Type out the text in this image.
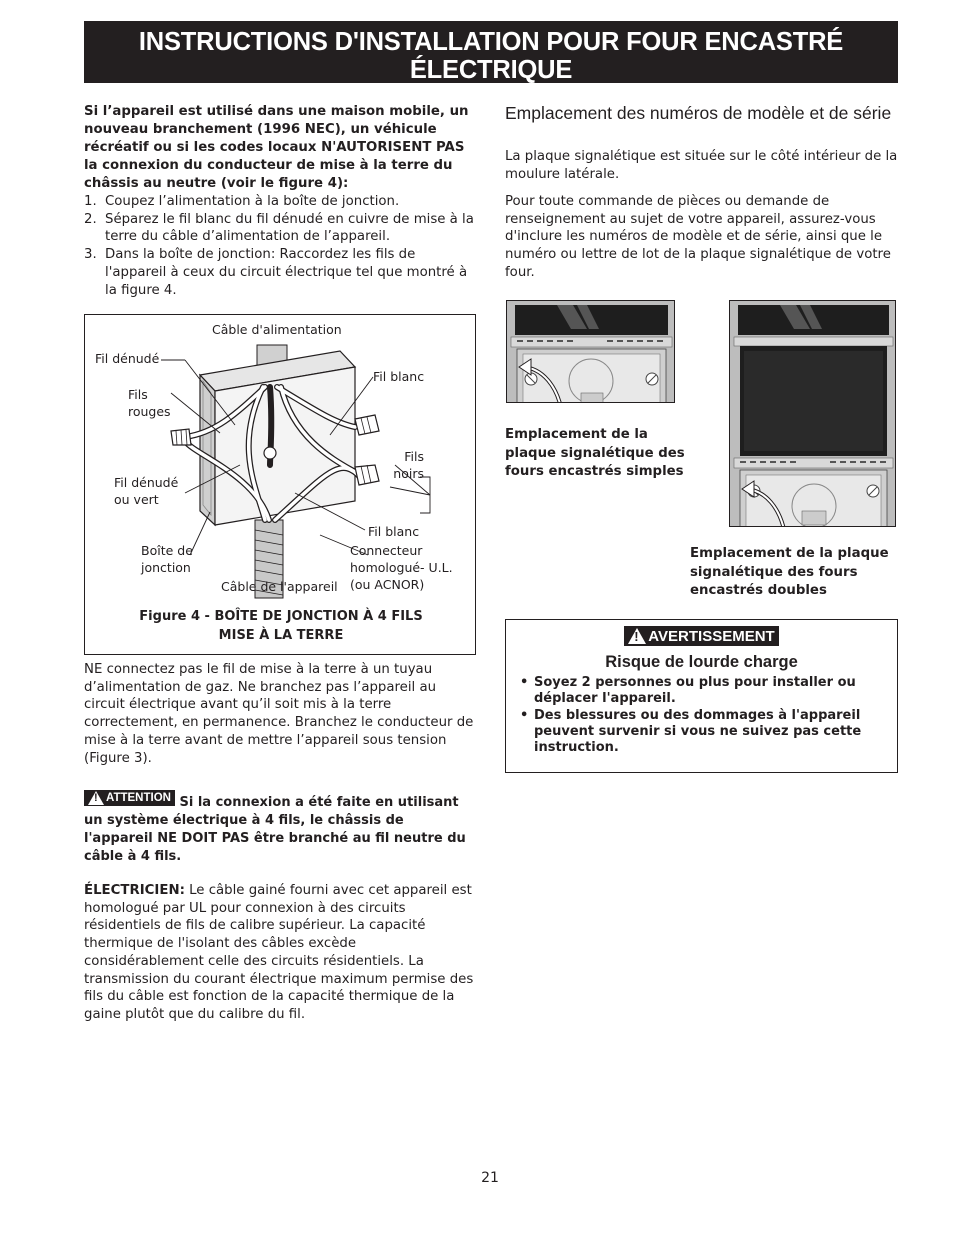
INSTRUCTIONS D'INSTALLATION POUR FOUR ENCASTRÉ ÉLECTRIQUE
(Combiné à une table de cuisson électrique ou à gaz (en option))
Si l’appareil est utilisé dans une maison mobile, un nouveau branchement (1996 NEC), un véhicule récréatif ou si les codes locaux N'AUTORISENT PAS la connexion du conducteur de mise à la terre du châssis au neutre (voir le figure 4):
1. Coupez l’alimentation à la boîte de jonction.
2. Séparez le fil blanc du fil dénudé en cuivre de mise à la terre du câble d’alimentation de l’appareil.
3. Dans la boîte de jonction: Raccordez les fils de l'appareil à ceux du circuit électrique tel que montré à la figure 4.
Câble d'alimentation
Fil dénudé
Fils rouges
Fil blanc
Fils noirs
Fil dénudé ou vert
Fil blanc
Boîte de jonction
Connecteur homologué- U.L. (ou ACNOR)
Câble de l'appareil
Figure 4 - BOÎTE DE JONCTION À 4 FILS
MISE À LA TERRE
NE connectez pas le fil de mise à la terre à un tuyau d’alimentation de gaz. Ne branchez pas l’appareil au circuit électrique avant qu’il soit mis à la terre correctement, en permanence. Branchez le conducteur de mise à la terre avant de mettre l’appareil sous tension (Figure 3).
! ATTENTION Si la connexion a été faite en utilisant un système électrique à 4 fils, le châssis de l'appareil NE DOIT PAS être branché au fil neutre du câble à 4 fils.
ÉLECTRICIEN: Le câble gainé fourni avec cet appareil est homologué par UL pour connexion à des circuits résidentiels de fils de calibre supérieur. La capacité thermique de l'isolant des câbles excède considérablement celle des circuits résidentiels. La transmission du courant électrique maximum permise des fils du câble est fonction de la capacité thermique de la gaine plutôt que du calibre du fil.
Emplacement des numéros de modèle et de série
La plaque signalétique est située sur le côté intérieur de la moulure latérale.
Pour toute commande de pièces ou demande de renseignement au sujet de votre appareil, assurez-vous d'inclure les numéros de modèle et de série, ainsi que le numéro ou lettre de lot de la plaque signalétique de votre four.
Emplacement de la plaque signalétique des fours encastrés simples
Emplacement de la plaque signalétique des fours encastrés doubles
! AVERTISSEMENT
Risque de lourde charge
• Soyez 2 personnes ou plus pour installer ou déplacer l'appareil.
• Des blessures ou des dommages à l'appareil peuvent survenir si vous ne suivez pas cette instruction.
21
